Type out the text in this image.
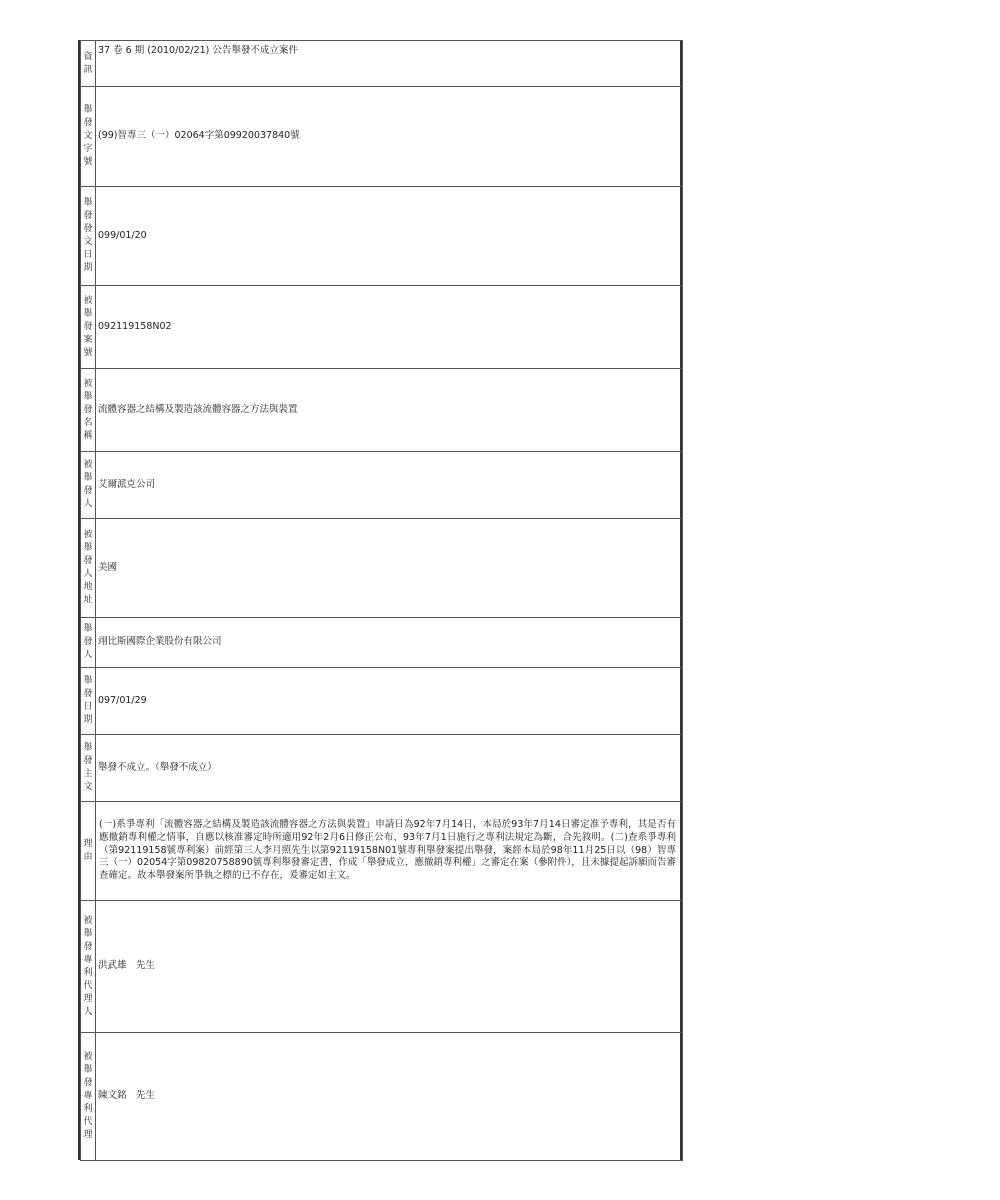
資訊	37 卷 6 期 (2010/02/21) 公告舉發不成立案件
舉發文字號	(99)智專三（一）02064字第09920037840號
舉發發文日期	099/01/20
被舉發案號	092119158N02
被舉發名稱	流體容器之結構及製造該流體容器之方法與裝置
被舉發人	艾爾派克公司
被舉發人地址	美國
舉發人	翊比斯國際企業股份有限公司
舉發日期	097/01/29
舉發主文	舉發不成立。（舉發不成立）
理由	(一)系爭專利「流體容器之結構及製造該流體容器之方法與裝置」申請日為92年7月14日，本局於93年7月14日審定准予專利，其是否有應撤銷專利權之情事，自應以核准審定時所適用92年2月6日修正公布、93年7月1日施行之專利法規定為斷，合先敘明。(二)查系爭專利（第92119158號專利案）前經第三人李月照先生以第92119158N01號專利舉發案提出舉發，案經本局於98年11月25日以（98）智專三（一）02054字第09820758890號專利舉發審定書，作成「舉發成立，應撤銷專利權」之審定在案（參附件），且未據提起訴願而告審查確定。故本舉發案所爭執之標的已不存在，爰審定如主文。
被舉發專利代理人	洪武雄　先生
被舉發專利代理	陳文銘　先生
